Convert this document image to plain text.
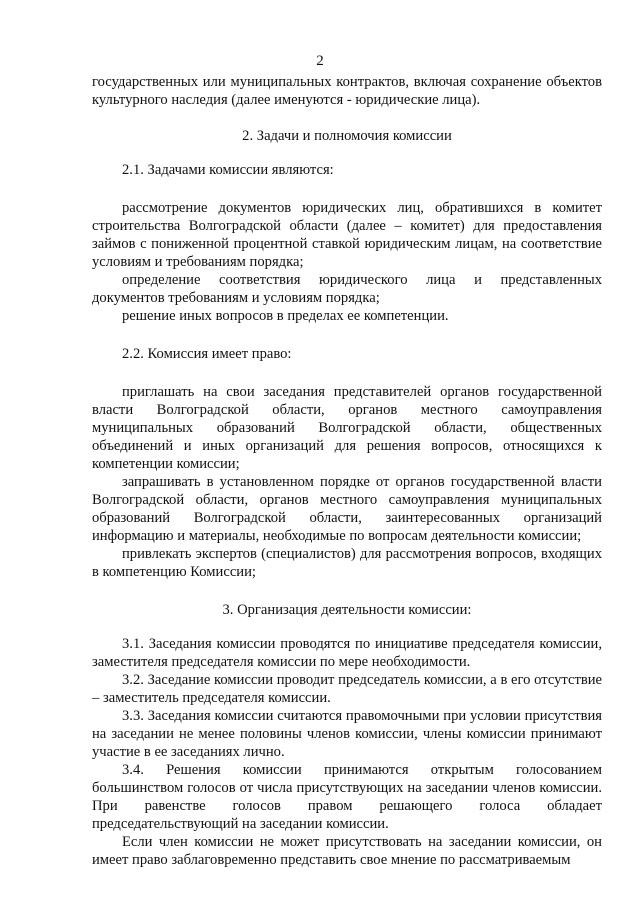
2

государственных или муниципальных контрактов, включая сохранение объектов культурного наследия (далее именуются - юридические лица).

2. Задачи и полномочия комиссии

2.1. Задачами комиссии являются:

рассмотрение документов юридических лиц, обратившихся в комитет строительства Волгоградской области (далее – комитет) для предоставления займов с пониженной процентной ставкой юридическим лицам, на соответствие условиям и требованиям порядка;

определение соответствия юридического лица и представленных документов требованиям и условиям порядка;

решение иных вопросов в пределах ее компетенции.

2.2. Комиссия имеет право:

приглашать на свои заседания представителей органов государственной власти Волгоградской области, органов местного самоуправления муниципальных образований Волгоградской области, общественных объединений и иных организаций для решения вопросов, относящихся к компетенции комиссии;

запрашивать в установленном порядке от органов государственной власти Волгоградской области, органов местного самоуправления муниципальных образований Волгоградской области, заинтересованных организаций информацию и материалы, необходимые по вопросам деятельности комиссии;

привлекать экспертов (специалистов) для рассмотрения вопросов, входящих в компетенцию Комиссии;

3. Организация деятельности комиссии:

3.1. Заседания комиссии проводятся по инициативе председателя комиссии, заместителя председателя комиссии по мере необходимости.

3.2. Заседание комиссии проводит председатель комиссии, а в его отсутствие – заместитель председателя комиссии.

3.3. Заседания комиссии считаются правомочными при условии присутствия на заседании не менее половины членов комиссии, члены комиссии принимают участие в ее заседаниях лично.

3.4. Решения комиссии принимаются открытым голосованием большинством голосов от числа присутствующих на заседании членов комиссии. При равенстве голосов правом решающего голоса обладает председательствующий на заседании комиссии.

Если член комиссии не может присутствовать на заседании комиссии, он имеет право заблаговременно представить свое мнение по рассматриваемым
